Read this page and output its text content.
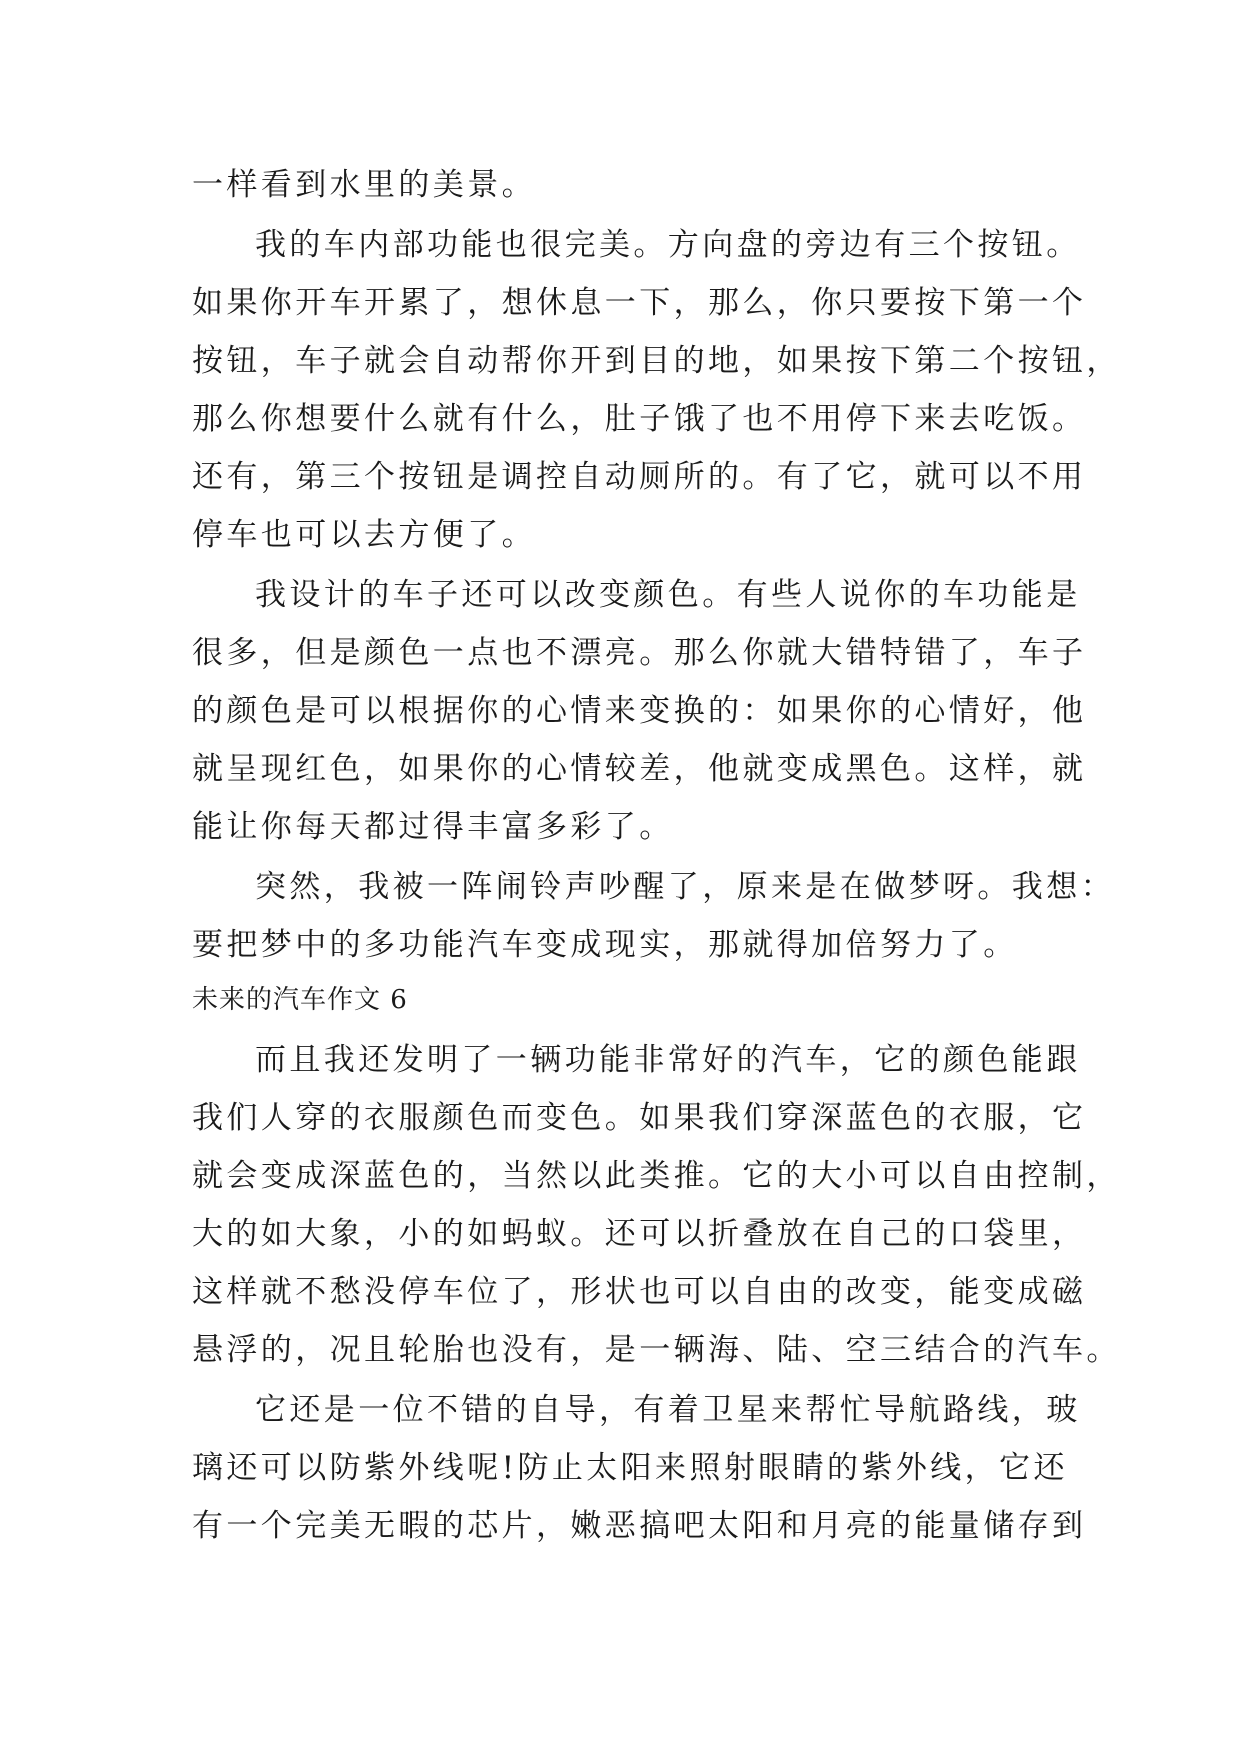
一样看到水里的美景。
我的车内部功能也很完美。方向盘的旁边有三个按钮。
如果你开车开累了，想休息一下，那么，你只要按下第一个
按钮，车子就会自动帮你开到目的地，如果按下第二个按钮，
那么你想要什么就有什么，肚子饿了也不用停下来去吃饭。
还有，第三个按钮是调控自动厕所的。有了它，就可以不用
停车也可以去方便了。
我设计的车子还可以改变颜色。有些人说你的车功能是
很多，但是颜色一点也不漂亮。那么你就大错特错了，车子
的颜色是可以根据你的心情来变换的：如果你的心情好，他
就呈现红色，如果你的心情较差，他就变成黑色。这样，就
能让你每天都过得丰富多彩了。
突然，我被一阵闹铃声吵醒了，原来是在做梦呀。我想：
要把梦中的多功能汽车变成现实，那就得加倍努力了。
未来的汽车作文 6
而且我还发明了一辆功能非常好的汽车，它的颜色能跟
我们人穿的衣服颜色而变色。如果我们穿深蓝色的衣服，它
就会变成深蓝色的，当然以此类推。它的大小可以自由控制，
大的如大象，小的如蚂蚁。还可以折叠放在自己的口袋里，
这样就不愁没停车位了，形状也可以自由的改变，能变成磁
悬浮的，况且轮胎也没有，是一辆海、陆、空三结合的汽车。
它还是一位不错的自导，有着卫星来帮忙导航路线，玻
璃还可以防紫外线呢!防止太阳来照射眼睛的紫外线，它还
有一个完美无暇的芯片，嫩恶搞吧太阳和月亮的能量储存到
